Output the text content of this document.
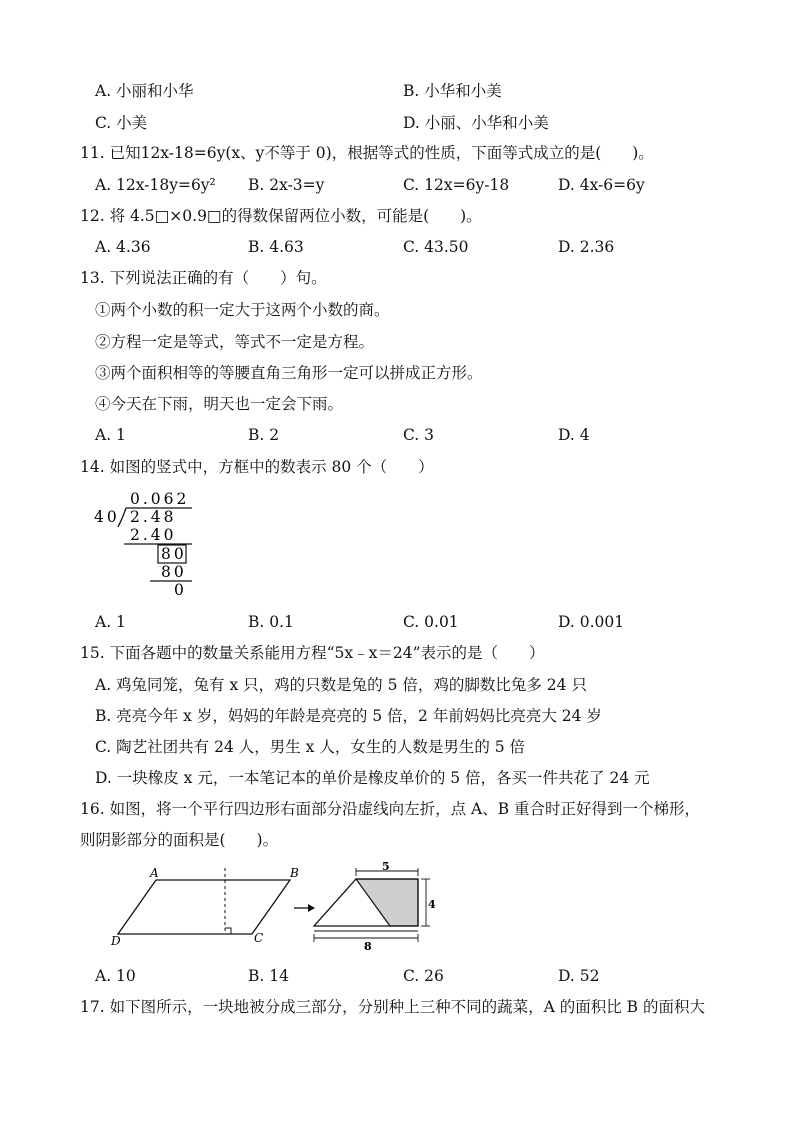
A. 小丽和小华	B. 小华和小美
C. 小美	D. 小丽、小华和小美
11. 已知12x-18=6y(x、y不等于 0)，根据等式的性质，下面等式成立的是(　　)。
A. 12x-18y=6y² B. 2x-3=y	C. 12x=6y-18	D. 4x-6=6y
12. 将 4.5□×0.9□的得数保留两位小数，可能是(　　)。
A. 4.36	B. 4.63	C. 43.50	D. 2.36
13. 下列说法正确的有（　　）句。
①两个小数的积一定大于这两个小数的商。
②方程一定是等式，等式不一定是方程。
③两个面积相等的等腰直角三角形一定可以拼成正方形。
④今天在下雨，明天也一定会下雨。
A. 1	B. 2	C. 3	D. 4
14. 如图的竖式中，方框中的数表示 80 个（　　）
0.062
40 2.48
2.40
80
80
0
A. 1	B. 0.1	C. 0.01	D. 0.001
15. 下面各题中的数量关系能用方程“5x﹣x＝24”表示的是（　　）
A. 鸡兔同笼，兔有 x 只，鸡的只数是兔的 5 倍，鸡的脚数比兔多 24 只
B. 亮亮今年 x 岁，妈妈的年龄是亮亮的 5 倍，2 年前妈妈比亮亮大 24 岁
C. 陶艺社团共有 24 人，男生 x 人，女生的人数是男生的 5 倍
D. 一块橡皮 x 元，一本笔记本的单价是橡皮单价的 5 倍，各买一件共花了 24 元
16. 如图，将一个平行四边形右面部分沿虚线向左折，点 A、B 重合时正好得到一个梯形，
则阴影部分的面积是(　　)。
A	B
C
D
5
4
8
A. 10	B. 14	C. 26	D. 52
17. 如下图所示，一块地被分成三部分，分别种上三种不同的蔬菜，A 的面积比 B 的面积大
